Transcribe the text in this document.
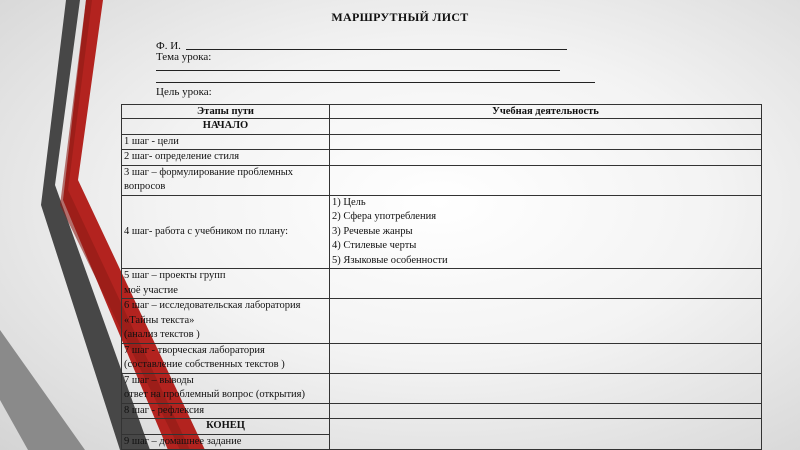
МАРШРУТНЫЙ ЛИСТ
Ф. И.
Тема урока:
Цель урока:
Этапы пути	Учебная деятельность
НАЧАЛО	

1 шаг - цели	

2 шаг- определение стиля	

3 шаг – формулирование проблемных
вопросов	

4 шаг- работа с учебником по плану:	1) Цель
2) Сфера употребления
3) Речевые жанры
4) Стилевые черты
5) Языковые особенности

5 шаг – проекты групп
моё участие	

6 шаг – исследовательская лаборатория
«Тайны текста»
(анализ текстов )	

7 шаг - творческая лаборатория
(составление собственных текстов )	

7 шаг – выводы
ответ на проблемный вопрос (открытия)	

8 шаг - рефлексия	

КОНЕЦ	

9 шаг – домашнее задание	
